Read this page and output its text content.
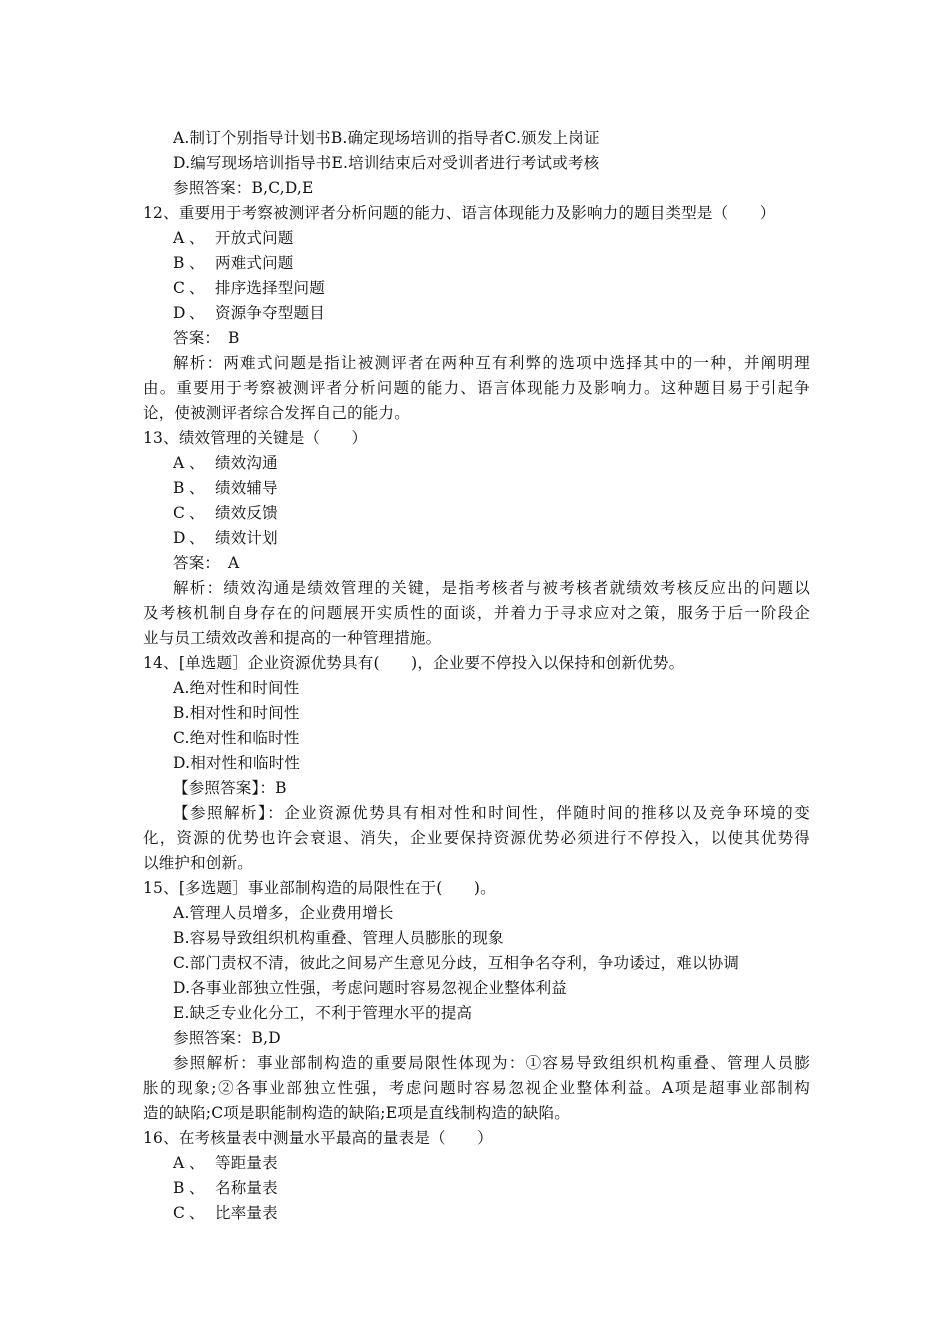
A.制订个别指导计划书B.确定现场培训的指导者C.颁发上岗证
D.编写现场培训指导书E.培训结束后对受训者进行考试或考核
参照答案：B,C,D,E
12、重要用于考察被测评者分析问题的能力、语言体现能力及影响力的题目类型是（　　）
A 、 开放式问题
B 、 两难式问题
C 、 排序选择型问题
D 、 资源争夺型题目
答案：　B
解析：两难式问题是指让被测评者在两种互有利弊的选项中选择其中的一种，并阐明理
由。重要用于考察被测评者分析问题的能力、语言体现能力及影响力。这种题目易于引起争
论，使被测评者综合发挥自己的能力。
13、绩效管理的关键是（　　）
A 、 绩效沟通
B 、 绩效辅导
C 、 绩效反馈
D 、 绩效计划
答案：　A
解析：绩效沟通是绩效管理的关键，是指考核者与被考核者就绩效考核反应出的问题以
及考核机制自身存在的问题展开实质性的面谈，并着力于寻求应对之策，服务于后一阶段企
业与员工绩效改善和提高的一种管理措施。
14、[单选题］企业资源优势具有(　　)，企业要不停投入以保持和创新优势。
A.绝对性和时间性
B.相对性和时间性
C.绝对性和临时性
D.相对性和临时性
【参照答案】：B
【参照解析】：企业资源优势具有相对性和时间性，伴随时间的推移以及竞争环境的变
化，资源的优势也许会衰退、消失，企业要保持资源优势必须进行不停投入，以使其优势得
以维护和创新。
15、[多选题］事业部制构造的局限性在于(　　)。
A.管理人员增多，企业费用增长
B.容易导致组织机构重叠、管理人员膨胀的现象
C.部门责权不清，彼此之间易产生意见分歧，互相争名夺利，争功诿过，难以协调
D.各事业部独立性强，考虑问题时容易忽视企业整体利益
E.缺乏专业化分工，不利于管理水平的提高
参照答案：B,D
参照解析：事业部制构造的重要局限性体现为：①容易导致组织机构重叠、管理人员膨
胀的现象;②各事业部独立性强，考虑问题时容易忽视企业整体利益。A项是超事业部制构
造的缺陷;C项是职能制构造的缺陷;E项是直线制构造的缺陷。
16、在考核量表中测量水平最高的量表是（　　）
A 、 等距量表
B 、 名称量表
C 、 比率量表
